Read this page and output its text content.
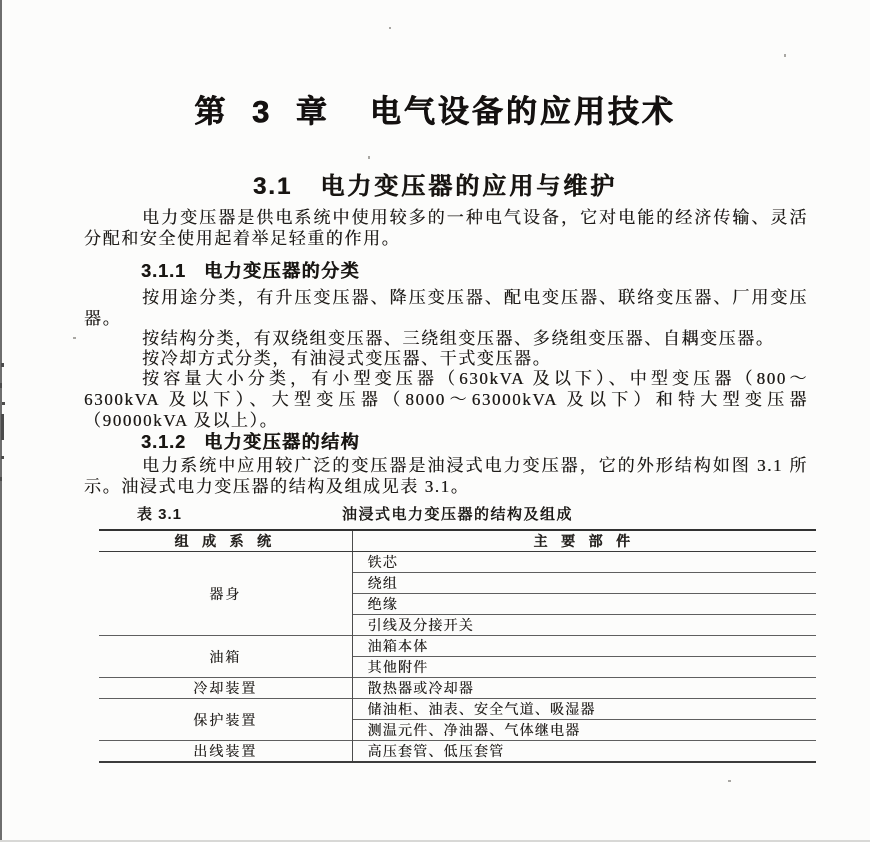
第 3 章 电气设备的应用技术
3.1 电力变压器的应用与维护

电力变压器是供电系统中使用较多的一种电气设备，它对电能的经济传输、灵活分配和安全使用起着举足轻重的作用。

3.1.1 电力变压器的分类

按用途分类，有升压变压器、降压变压器、配电变压器、联络变压器、厂用变压器。

按结构分类，有双绕组变压器、三绕组变压器、多绕组变压器、自耦变压器。

按冷却方式分类，有油浸式变压器、干式变压器。

按容量大小分类，有小型变压器（630kVA 及以下）、中型变压器（800～6300kVA 及以下）、大型变压器（8000～63000kVA 及以下）和特大型变压器（90000kVA 及以上）。

3.1.2 电力变压器的结构

电力系统中应用较广泛的变压器是油浸式电力变压器，它的外形结构如图 3.1 所示。油浸式电力变压器的结构及组成见表 3.1。

表 3.1	油浸式电力变压器的结构及组成
组 成 系 统	主 要 部 件
器身	铁芯
	绕组
	绝缘
	引线及分接开关
油箱	油箱本体
	其他附件
冷却装置	散热器或冷却器
保护装置	储油柜、油表、安全气道、吸湿器
	测温元件、净油器、气体继电器
出线装置	高压套管、低压套管
